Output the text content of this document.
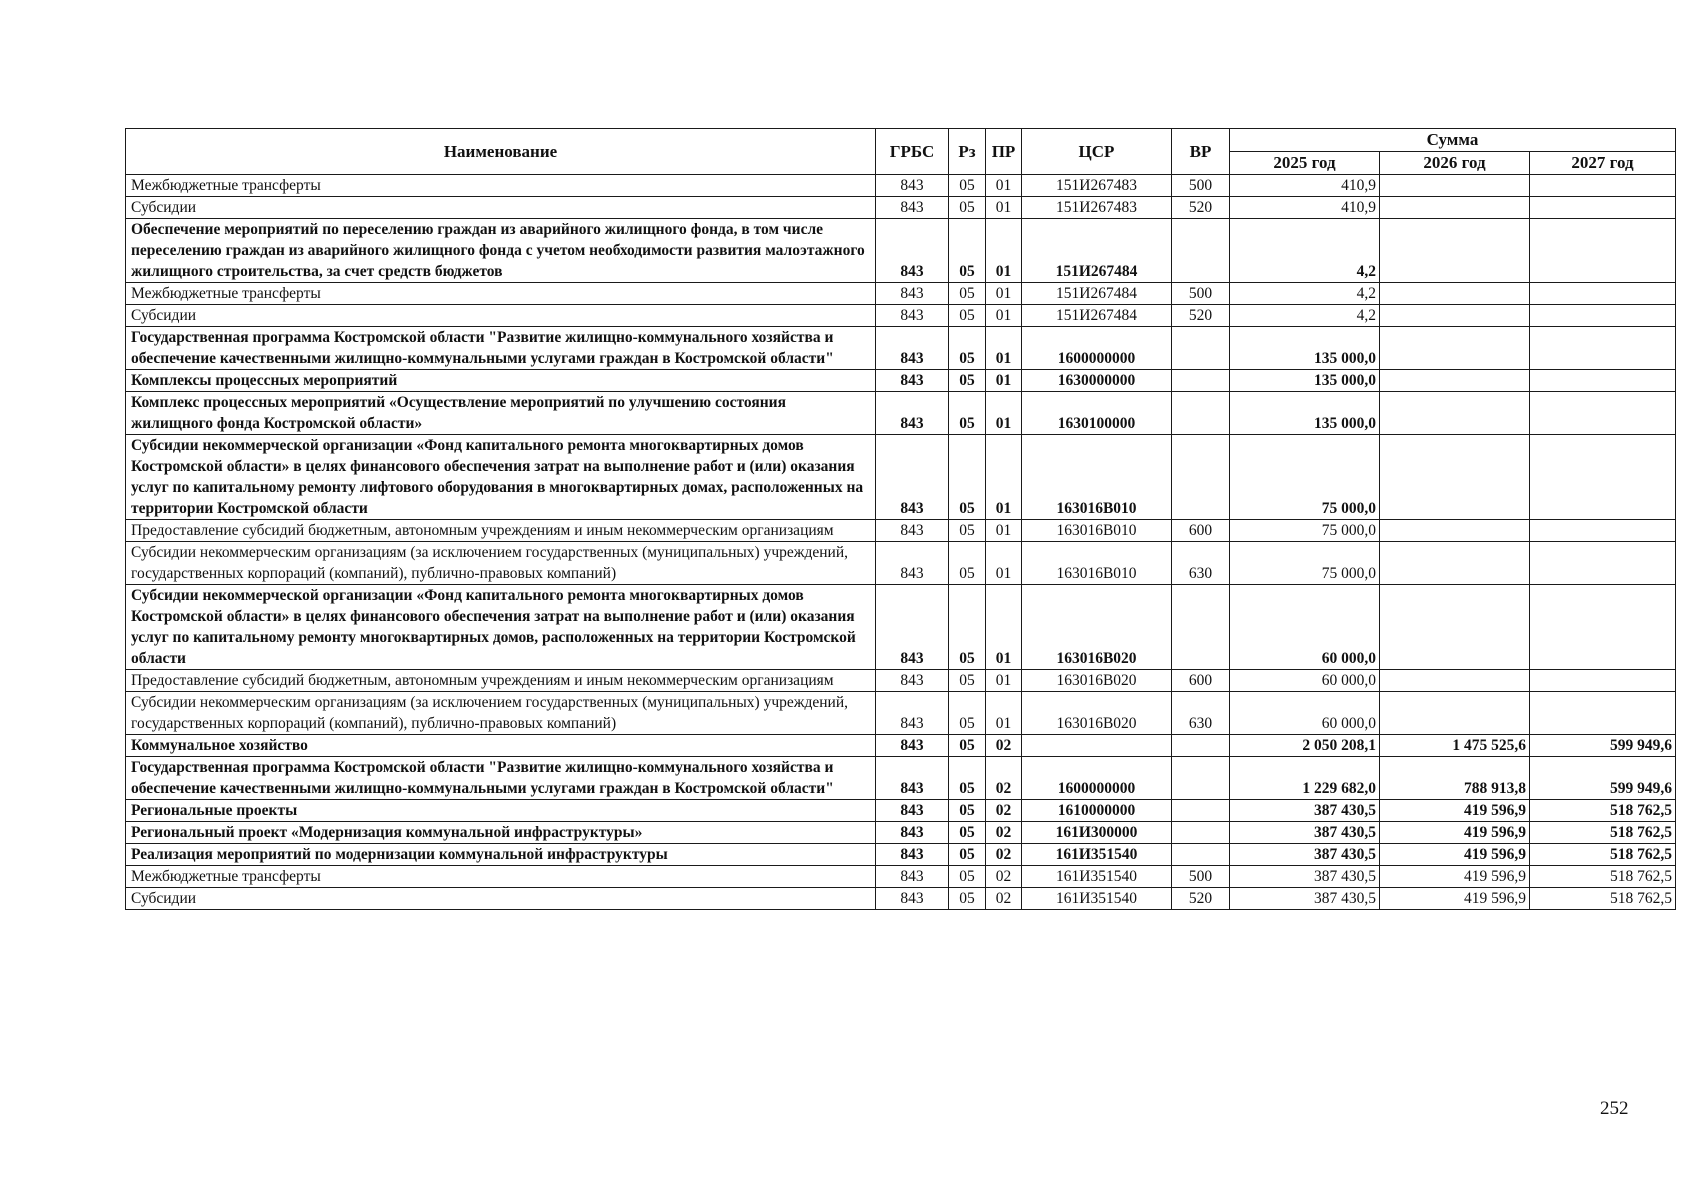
Наименование	ГРБС	Рз	ПР	ЦСР	ВР	Сумма		
						2025 год	2026 год	2027 год
Межбюджетные трансферты	843	05	01	151И267483	500	410,9		
Субсидии	843	05	01	151И267483	520	410,9		
Обеспечение мероприятий по переселению граждан из аварийного жилищного фонда, в том числе переселению граждан из аварийного жилищного фонда с учетом необходимости развития малоэтажного жилищного строительства, за счет средств бюджетов	843	05	01	151И267484		4,2		
Межбюджетные трансферты	843	05	01	151И267484	500	4,2		
Субсидии	843	05	01	151И267484	520	4,2		
Государственная программа Костромской области "Развитие жилищно-коммунального хозяйства и обеспечение качественными жилищно-коммунальными услугами граждан в Костромской области"	843	05	01	1600000000		135 000,0		
Комплексы процессных мероприятий	843	05	01	1630000000		135 000,0		
Комплекс процессных мероприятий «Осуществление мероприятий по улучшению состояния жилищного фонда Костромской области»	843	05	01	1630100000		135 000,0		
Субсидии некоммерческой организации «Фонд капитального ремонта многоквартирных домов Костромской области» в целях финансового обеспечения затрат на выполнение работ и (или) оказания услуг по капитальному ремонту лифтового оборудования в многоквартирных домах, расположенных на территории Костромской области	843	05	01	163016В010		75 000,0		
Предоставление субсидий бюджетным, автономным учреждениям и иным некоммерческим организациям	843	05	01	163016В010	600	75 000,0		
Субсидии некоммерческим организациям (за исключением государственных (муниципальных) учреждений, государственных корпораций (компаний), публично-правовых компаний)	843	05	01	163016В010	630	75 000,0		
Субсидии некоммерческой организации «Фонд капитального ремонта многоквартирных домов Костромской области» в целях финансового обеспечения затрат на выполнение работ и (или) оказания услуг по капитальному ремонту многоквартирных домов, расположенных на территории Костромской области	843	05	01	163016В020		60 000,0		
Предоставление субсидий бюджетным, автономным учреждениям и иным некоммерческим организациям	843	05	01	163016В020	600	60 000,0		
Субсидии некоммерческим организациям (за исключением государственных (муниципальных) учреждений, государственных корпораций (компаний), публично-правовых компаний)	843	05	01	163016В020	630	60 000,0		
Коммунальное хозяйство	843	05	02			2 050 208,1	1 475 525,6	599 949,6
Государственная программа Костромской области "Развитие жилищно-коммунального хозяйства и обеспечение качественными жилищно-коммунальными услугами граждан в Костромской области"	843	05	02	1600000000		1 229 682,0	788 913,8	599 949,6
Региональные проекты	843	05	02	1610000000		387 430,5	419 596,9	518 762,5
Региональный проект «Модернизация коммунальной инфраструктуры»	843	05	02	161И300000		387 430,5	419 596,9	518 762,5
Реализация мероприятий по модернизации коммунальной инфраструктуры	843	05	02	161И351540		387 430,5	419 596,9	518 762,5
Межбюджетные трансферты	843	05	02	161И351540	500	387 430,5	419 596,9	518 762,5
Субсидии	843	05	02	161И351540	520	387 430,5	419 596,9	518 762,5
252
